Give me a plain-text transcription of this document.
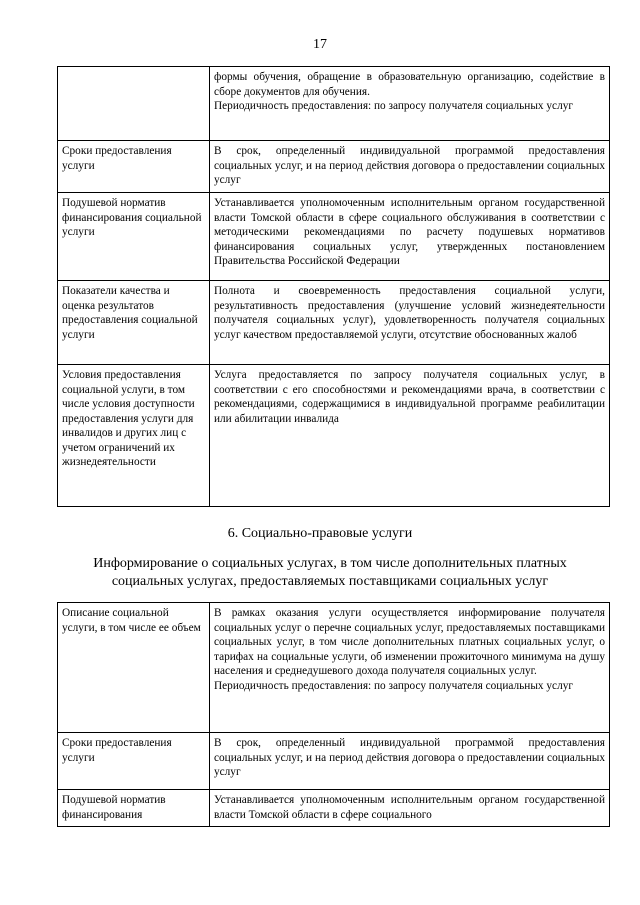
17

	формы обучения, обращение в образовательную организацию, содействие в сборе документов для обучения.

Периодичность предоставления: по запросу получателя социальных услуг

Сроки предоставления услуги	В срок, определенный индивидуальной программой предоставления социальных услуг, и на период действия договора о предоставлении социальных услуг

Подушевой норматив финансирования социальной услуги	Устанавливается уполномоченным исполнительным органом государственной власти Томской области в сфере социального обслуживания в соответствии с методическими рекомендациями по расчету подушевых нормативов финансирования социальных услуг, утвержденных постановлением Правительства Российской Федерации

Показатели качества и оценка результатов предоставления социальной услуги	Полнота и своевременность предоставления социальной услуги, результативность предоставления (улучшение условий жизнедеятельности получателя социальных услуг), удовлетворенность получателя социальных услуг качеством предоставляемой услуги, отсутствие обоснованных жалоб

Условия предоставления социальной услуги, в том числе условия доступности предоставления услуги для инвалидов и других лиц с учетом ограничений их жизнедеятельности	Услуга предоставляется по запросу получателя социальных услуг, в соответствии с его способностями и рекомендациями врача, в соответствии с рекомендациями, содержащимися в индивидуальной программе реабилитации или абилитации инвалида

6. Социально-правовые услуги
Информирование о социальных услугах, в том числе дополнительных платных социальных услугах, предоставляемых поставщиками социальных услуг
Описание социальной услуги, в том числе ее объем	В рамках оказания услуги осуществляется информирование получателя социальных услуг о перечне социальных услуг, предоставляемых поставщиками социальных услуг, в том числе дополнительных платных социальных услуг, о тарифах на социальные услуги, об изменении прожиточного минимума на душу населения и среднедушевого дохода получателя социальных услуг.

Периодичность предоставления: по запросу получателя социальных услуг

Сроки предоставления услуги	В срок, определенный индивидуальной программой предоставления социальных услуг, и на период действия договора о предоставлении социальных услуг

Подушевой норматив финансирования	Устанавливается уполномоченным исполнительным органом государственной власти Томской области в сфере социального
